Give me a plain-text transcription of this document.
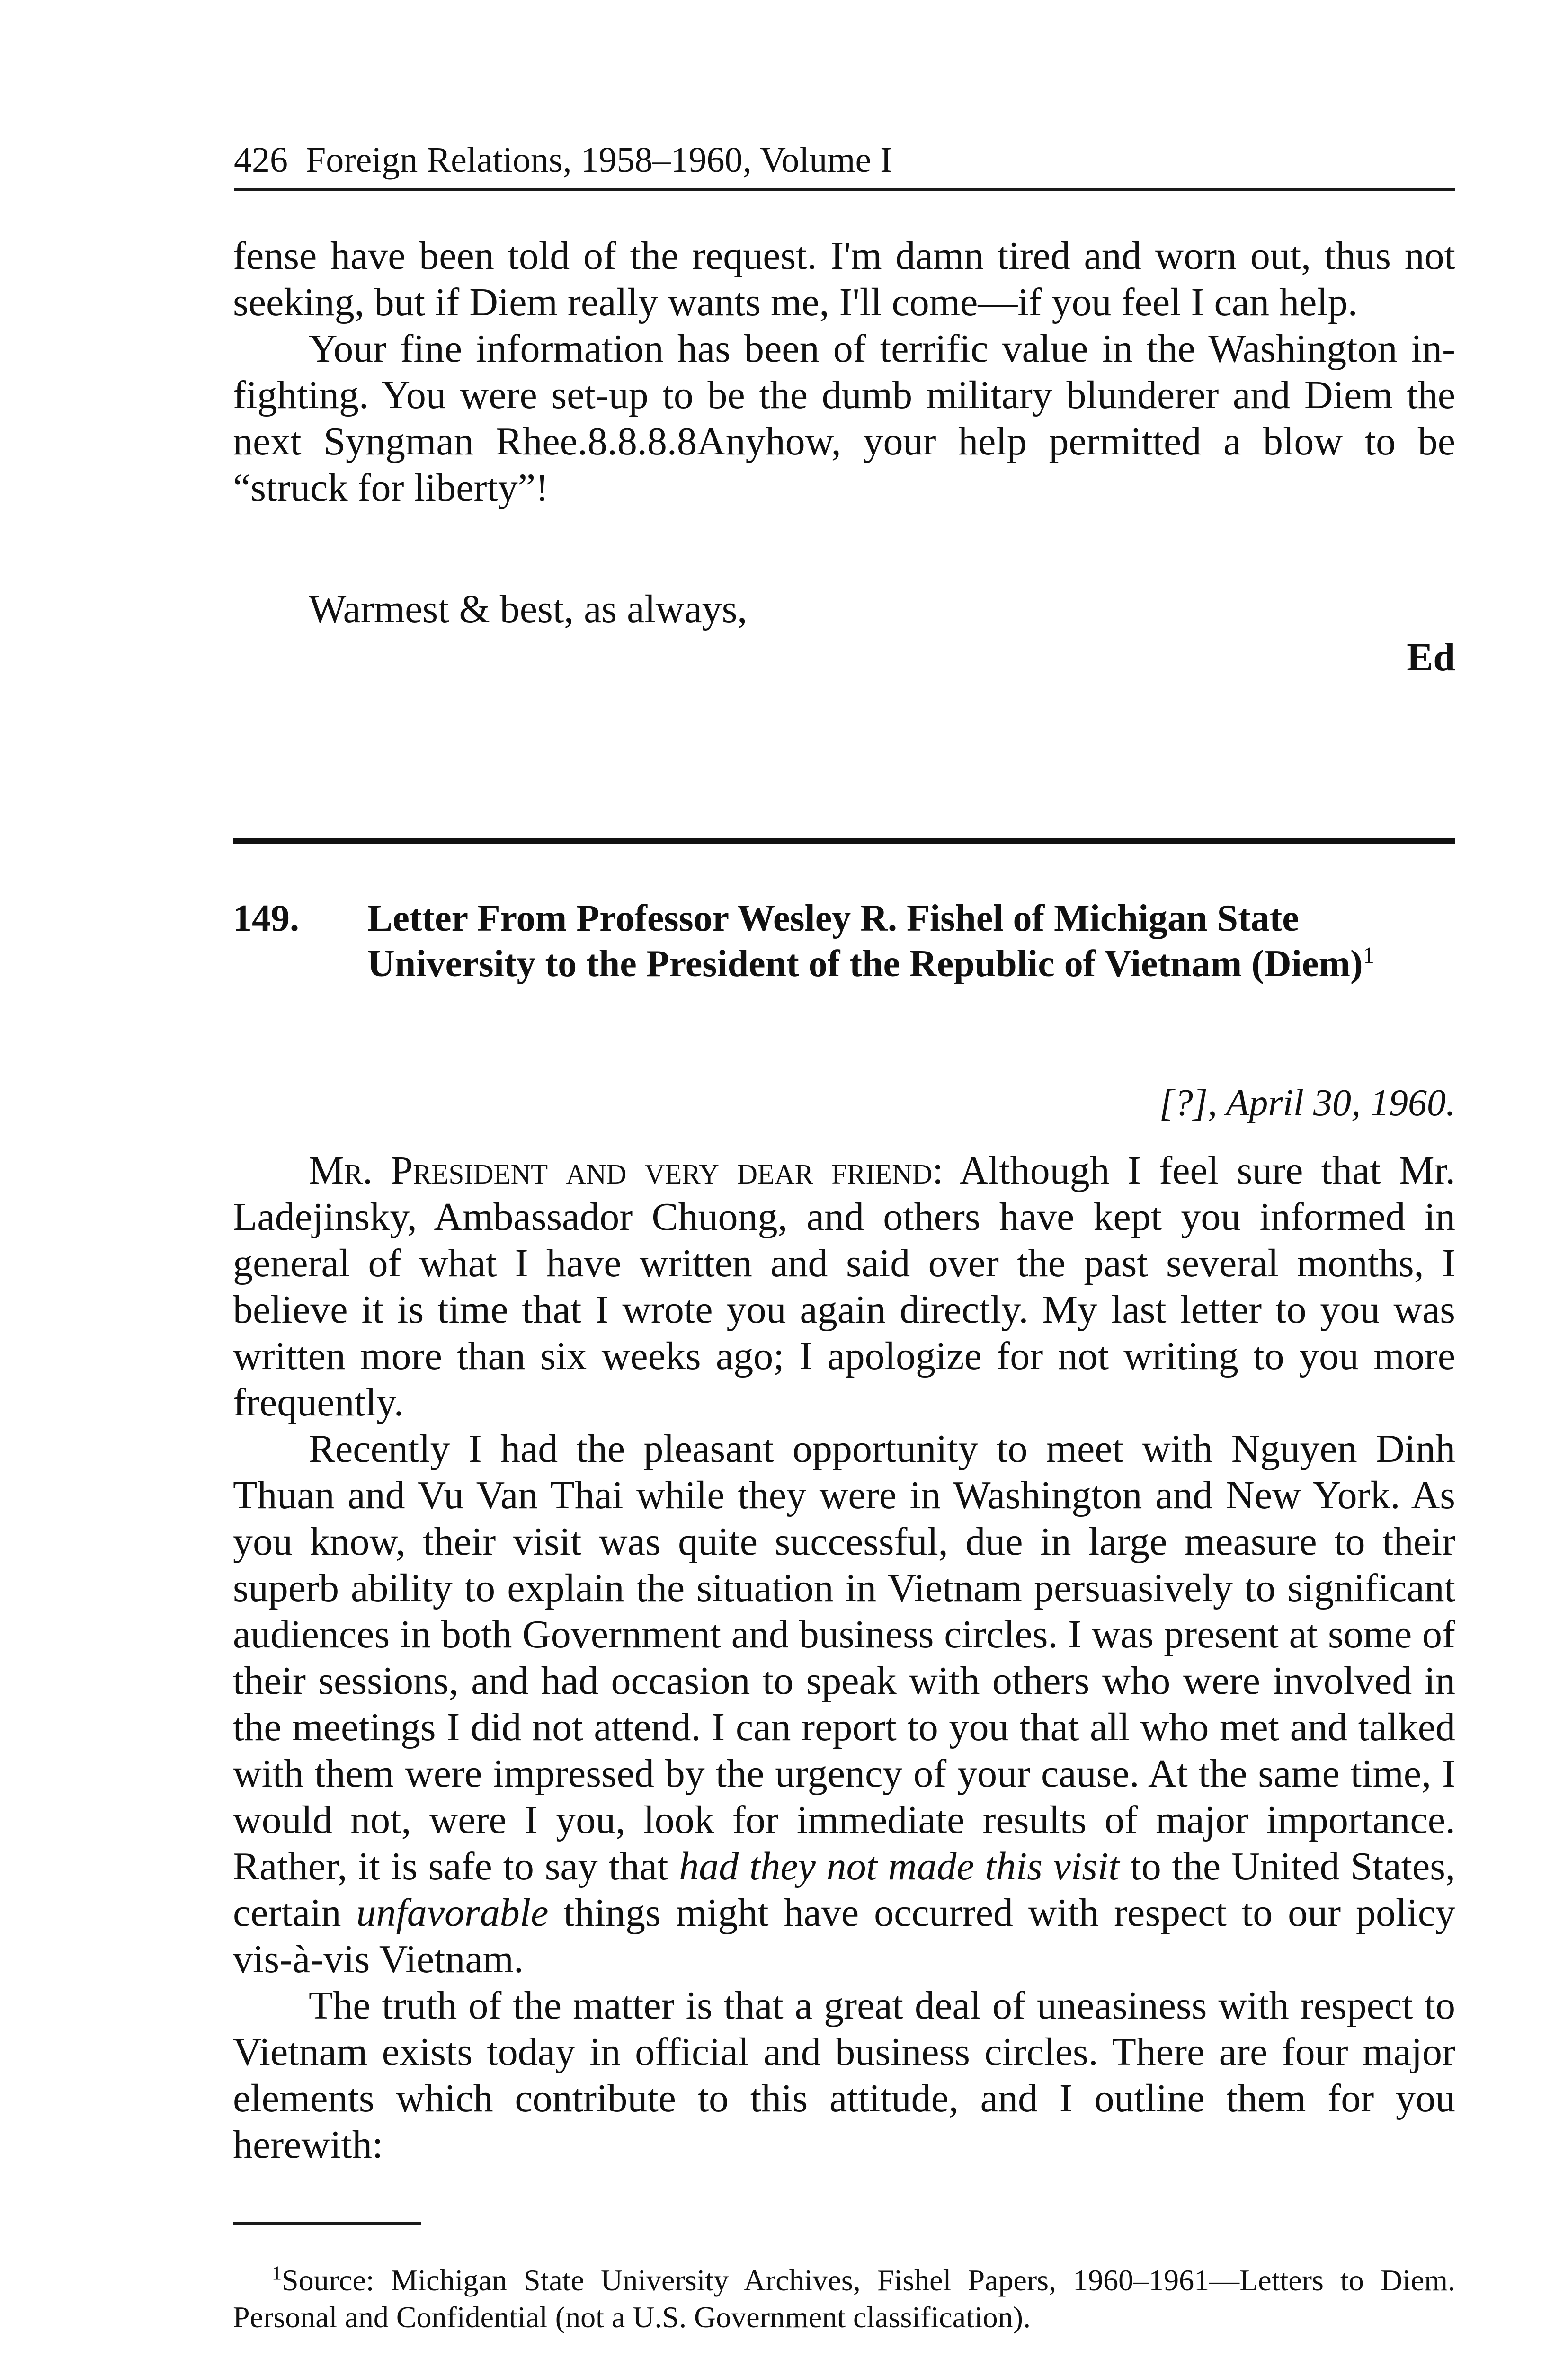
426 Foreign Relations, 1958–1960, Volume I

fense have been told of the request. I'm damn tired and worn out, thus not seeking, but if Diem really wants me, I'll come—if you feel I can help.

Your fine information has been of terrific value in the Washington in-fighting. You were set-up to be the dumb military blunderer and Diem the next Syngman Rhee.8.8.8.8Anyhow, your help permitted a blow to be “struck for liberty”!

Warmest & best, as always,
Ed
149. Letter From Professor Wesley R. Fishel of Michigan State University to the President of the Republic of Vietnam (Diem)$^1$
[?], April 30, 1960.

Mr. President and very dear friend: Although I feel sure that Mr. Ladejinsky, Ambassador Chuong, and others have kept you informed in general of what I have written and said over the past several months, I believe it is time that I wrote you again directly. My last letter to you was written more than six weeks ago; I apologize for not writing to you more frequently.

Recently I had the pleasant opportunity to meet with Nguyen Dinh Thuan and Vu Van Thai while they were in Washington and New York. As you know, their visit was quite successful, due in large measure to their superb ability to explain the situation in Vietnam persuasively to significant audiences in both Government and business circles. I was present at some of their sessions, and had occasion to speak with others who were involved in the meetings I did not attend. I can report to you that all who met and talked with them were impressed by the urgency of your cause. At the same time, I would not, were I you, look for immediate results of major importance. Rather, it is safe to say that had they not made this visit to the United States, certain unfavorable things might have occurred with respect to our policy vis-à-vis Vietnam.

The truth of the matter is that a great deal of uneasiness with respect to Vietnam exists today in official and business circles. There are four major elements which contribute to this attitude, and I outline them for you herewith:

$^1$Source: Michigan State University Archives, Fishel Papers, 1960–1961—Letters to Diem. Personal and Confidential (not a U.S. Government classification).
